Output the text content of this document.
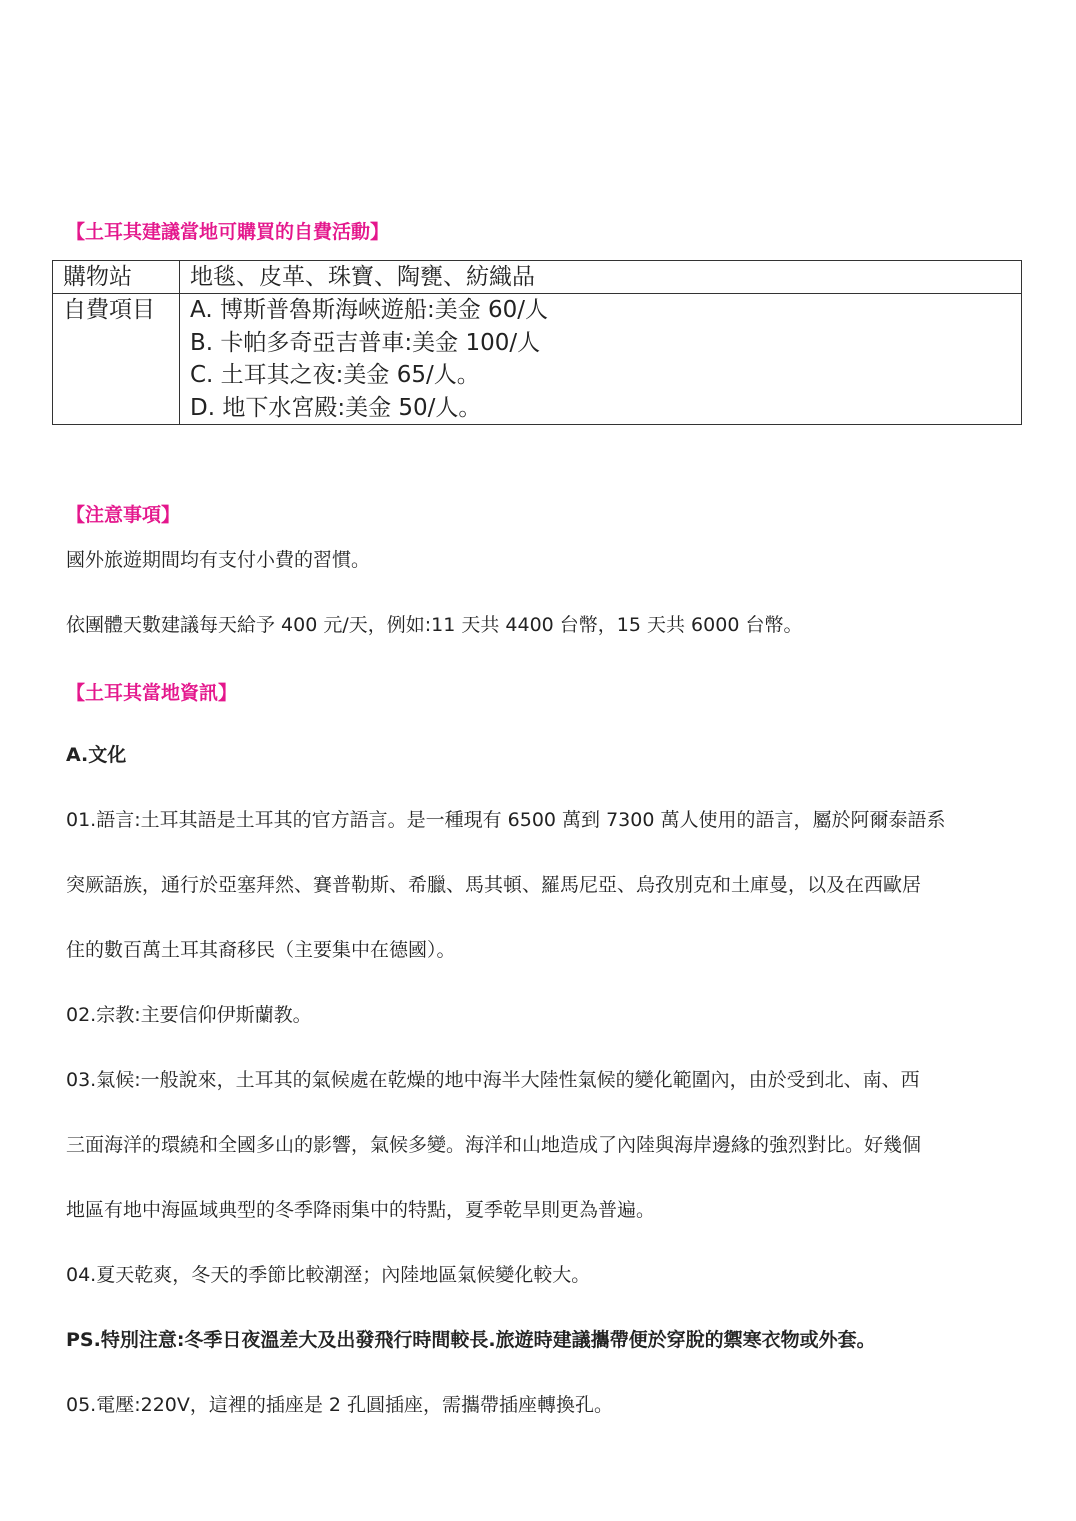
【土耳其建議當地可購買的自費活動】
購物站	地毯、皮革、珠寶、陶甕、紡織品
自費項目	A. 博斯普魯斯海峽遊船:美金 60/人
B. 卡帕多奇亞吉普車:美金 100/人
C. 土耳其之夜:美金 65/人。
D. 地下水宮殿:美金 50/人。
【注意事項】
國外旅遊期間均有支付小費的習慣。
依團體天數建議每天給予 400 元/天，例如:11 天共 4400 台幣，15 天共 6000 台幣。
【土耳其當地資訊】
A.文化
01.語言:土耳其語是土耳其的官方語言。是一種現有 6500 萬到 7300 萬人使用的語言，屬於阿爾泰語系
突厥語族，通行於亞塞拜然、賽普勒斯、希臘、馬其頓、羅馬尼亞、烏孜別克和土庫曼，以及在西歐居
住的數百萬土耳其裔移民（主要集中在德國）。
02.宗教:主要信仰伊斯蘭教。
03.氣候:一般說來，土耳其的氣候處在乾燥的地中海半大陸性氣候的變化範圍內，由於受到北、南、西
三面海洋的環繞和全國多山的影響，氣候多變。海洋和山地造成了內陸與海岸邊緣的強烈對比。好幾個
地區有地中海區域典型的冬季降雨集中的特點，夏季乾旱則更為普遍。
04.夏天乾爽，冬天的季節比較潮溼；內陸地區氣候變化較大。
PS.特別注意:冬季日夜溫差大及出發飛行時間較長.旅遊時建議攜帶便於穿脫的禦寒衣物或外套。
05.電壓:220V，這裡的插座是 2 孔圓插座，需攜帶插座轉換孔。
